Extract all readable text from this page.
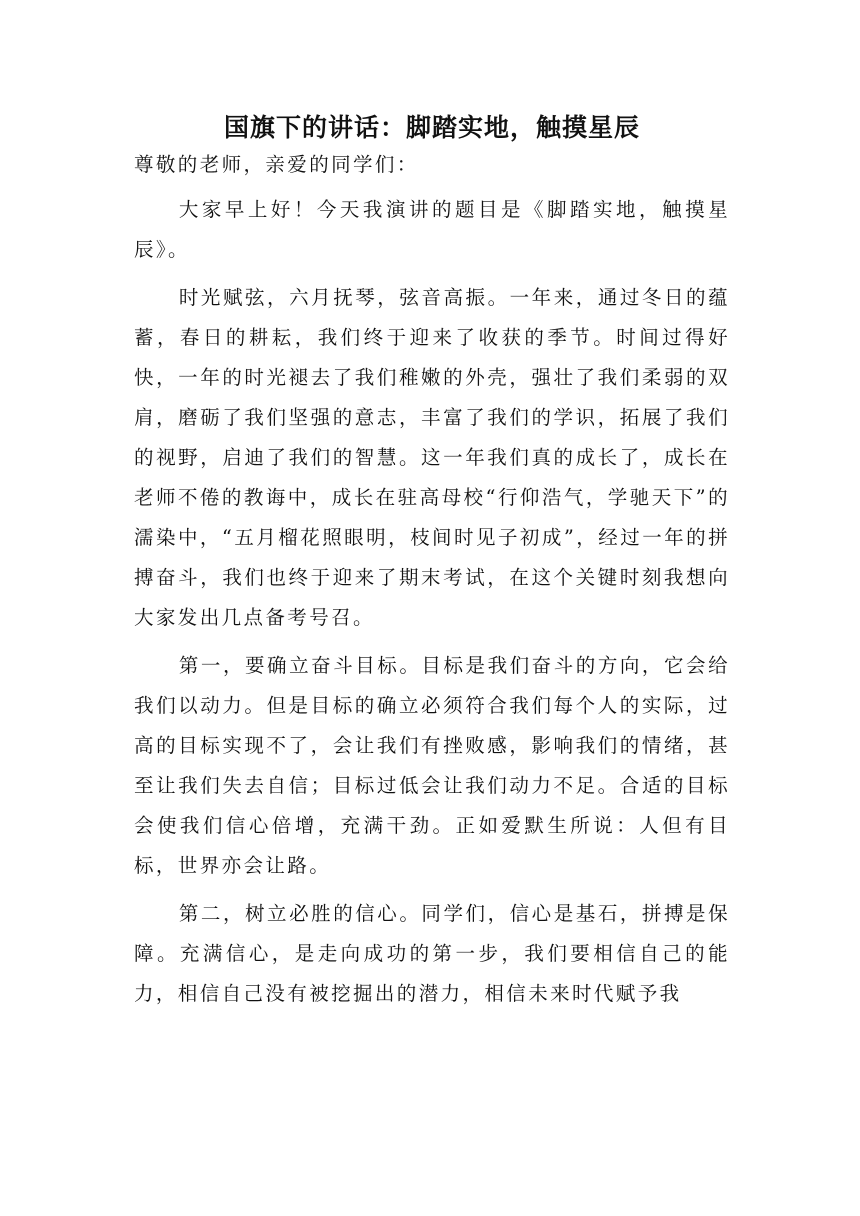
国旗下的讲话：脚踏实地，触摸星辰

尊敬的老师，亲爱的同学们：

大家早上好！今天我演讲的题目是《脚踏实地，触摸星辰》。

时光赋弦，六月抚琴，弦音高振。一年来，通过冬日的蕴蓄，春日的耕耘，我们终于迎来了收获的季节。时间过得好快，一年的时光褪去了我们稚嫩的外壳，强壮了我们柔弱的双肩，磨砺了我们坚强的意志，丰富了我们的学识，拓展了我们的视野，启迪了我们的智慧。这一年我们真的成长了，成长在老师不倦的教诲中，成长在驻高母校“行仰浩气，学驰天下”的濡染中，“五月榴花照眼明，枝间时见子初成”，经过一年的拼搏奋斗，我们也终于迎来了期末考试，在这个关键时刻我想向大家发出几点备考号召。

第一，要确立奋斗目标。目标是我们奋斗的方向，它会给我们以动力。但是目标的确立必须符合我们每个人的实际，过高的目标实现不了，会让我们有挫败感，影响我们的情绪，甚至让我们失去自信；目标过低会让我们动力不足。合适的目标会使我们信心倍增，充满干劲。正如爱默生所说：人但有目标，世界亦会让路。

第二，树立必胜的信心。同学们，信心是基石，拼搏是保障。充满信心，是走向成功的第一步，我们要相信自己的能力，相信自己没有被挖掘出的潜力，相信未来时代赋予我
